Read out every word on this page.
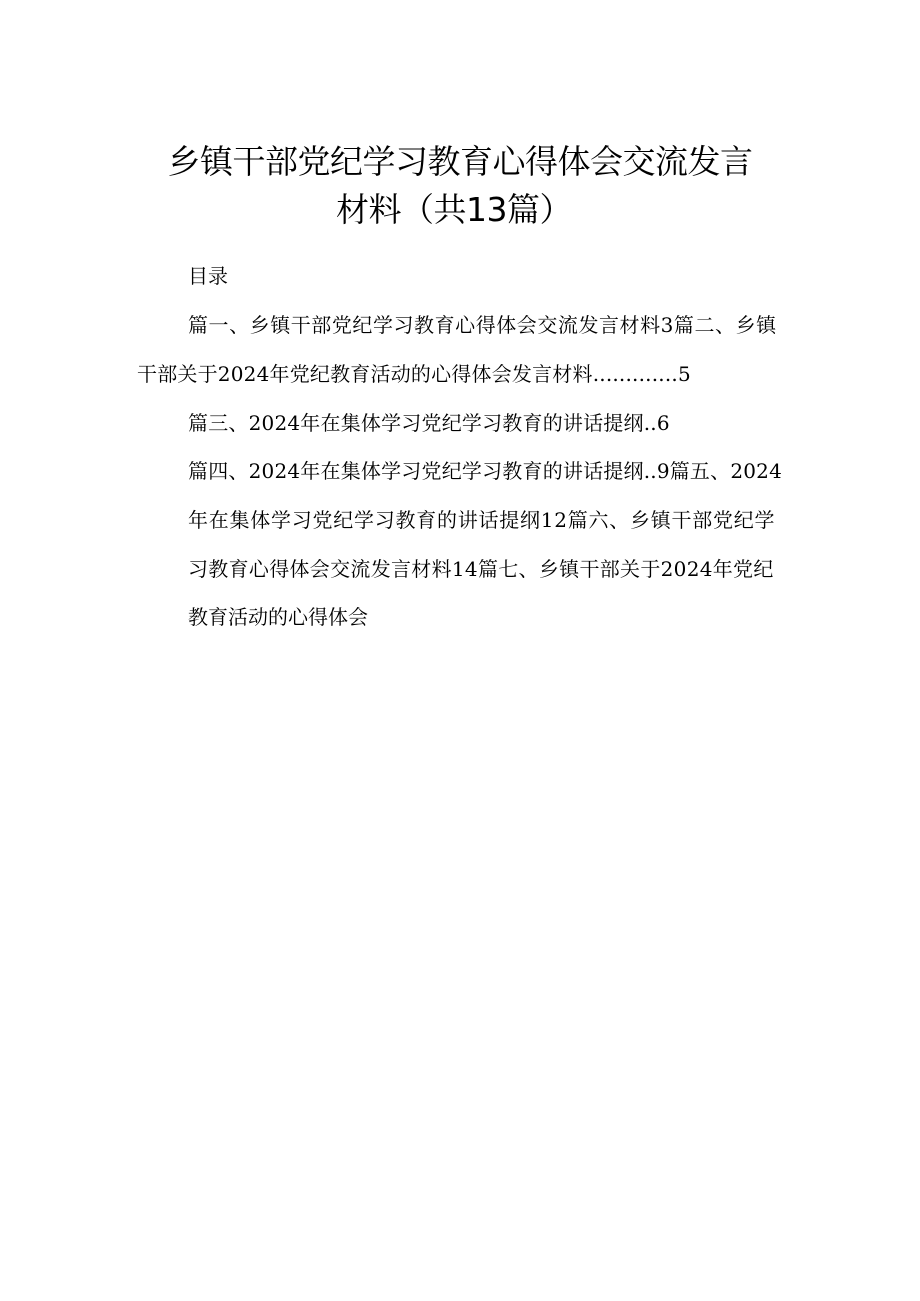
乡镇干部党纪学习教育心得体会交流发言
材料（共13篇）
目录
篇一、乡镇干部党纪学习教育心得体会交流发言材料3篇二、乡镇
干部关于2024年党纪教育活动的心得体会发言材料.............5
篇三、2024年在集体学习党纪学习教育的讲话提纲..6
篇四、2024年在集体学习党纪学习教育的讲话提纲..9篇五、2024
年在集体学习党纪学习教育的讲话提纲12篇六、乡镇干部党纪学
习教育心得体会交流发言材料14篇七、乡镇干部关于2024年党纪
教育活动的心得体会
